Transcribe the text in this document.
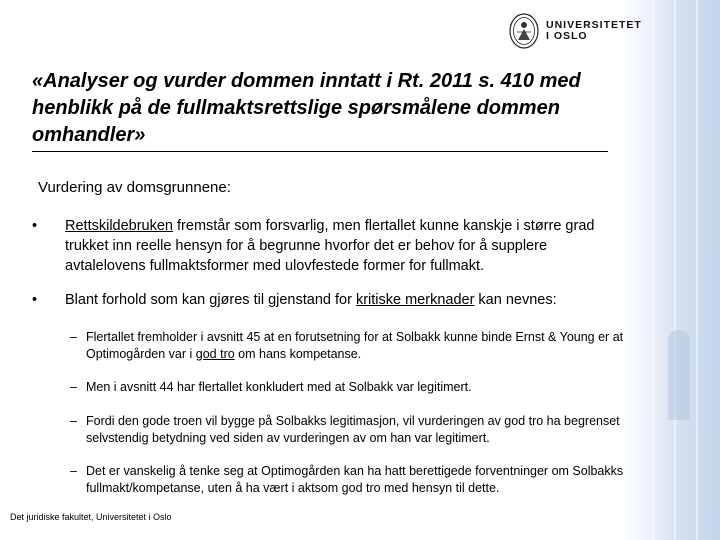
UNIVERSITETET
I OSLO
«Analyser og vurder dommen inntatt i Rt. 2011 s. 410 med henblikk på de fullmaktsrettslige spørsmålene dommen omhandler»
Vurdering av domsgrunnene:
•	Rettskildebruken fremstår som forsvarlig, men flertallet kunne kanskje i større grad trukket inn reelle hensyn for å begrunne hvorfor det er behov for å supplere avtalelovens fullmaktsformer med ulovfestede former for fullmakt.
•	Blant forhold som kan gjøres til gjenstand for kritiske merknader kan nevnes:
– Flertallet fremholder i avsnitt 45 at en forutsetning for at Solbakk kunne binde Ernst & Young er at Optimogården var i god tro om hans kompetanse.
– Men i avsnitt 44 har flertallet konkludert med at Solbakk var legitimert.
– Fordi den gode troen vil bygge på Solbakks legitimasjon, vil vurderingen av god tro ha begrenset selvstendig betydning ved siden av vurderingen av om han var legitimert.
– Det er vanskelig å tenke seg at Optimogården kan ha hatt berettigede forventninger om Solbakks fullmakt/kompetanse, uten å ha vært i aktsom god tro med hensyn til dette.
Det juridiske fakultet, Universitetet i Oslo
